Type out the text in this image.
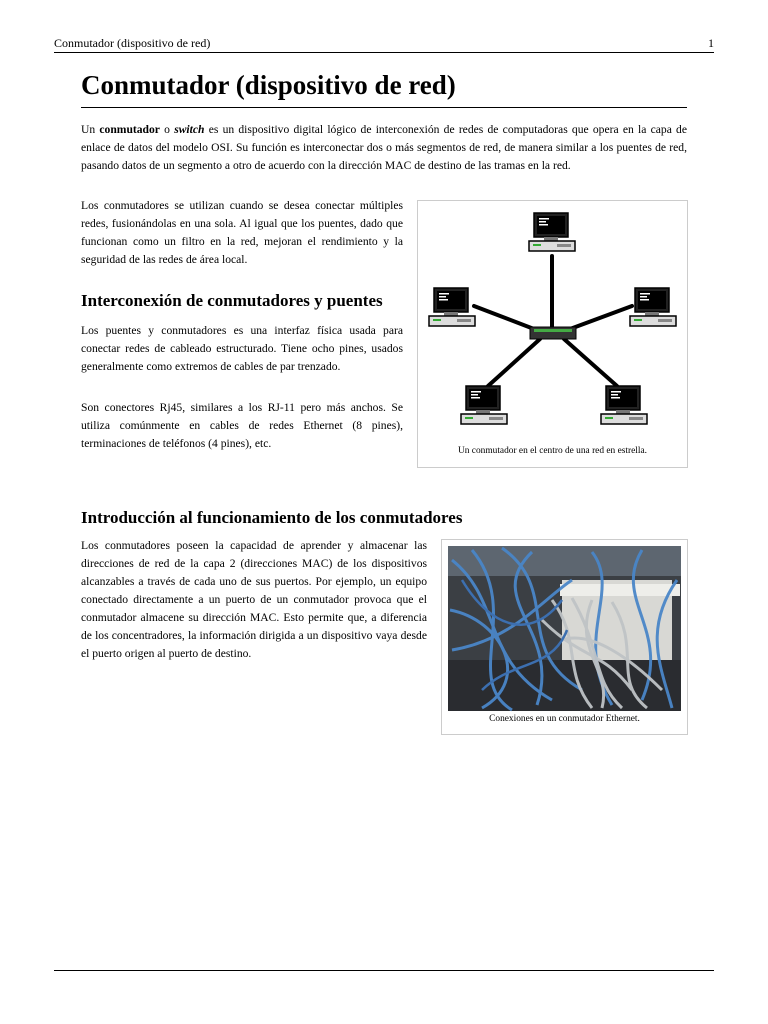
Conmutador (dispositivo de red)	1
Conmutador (dispositivo de red)

Un conmutador o switch es un dispositivo digital lógico de interconexión de redes de computadoras que opera en la capa de enlace de datos del modelo OSI. Su función es interconectar dos o más segmentos de red, de manera similar a los puentes de red, pasando datos de un segmento a otro de acuerdo con la dirección MAC de destino de las tramas en la red.

Los conmutadores se utilizan cuando se desea conectar múltiples redes, fusionándolas en una sola. Al igual que los puentes, dado que funcionan como un filtro en la red, mejoran el rendimiento y la seguridad de las redes de área local.

Interconexión de conmutadores y puentes

Los puentes y conmutadores es una interfaz física usada para conectar redes de cableado estructurado. Tiene ocho pines, usados generalmente como extremos de cables de par trenzado.

Son conectores Rj45, similares a los RJ-11 pero más anchos. Se utiliza comúnmente en cables de redes Ethernet (8 pines), terminaciones de teléfonos (4 pines), etc.

Un conmutador en el centro de una red en estrella.
Introducción al funcionamiento de los conmutadores

Los conmutadores poseen la capacidad de aprender y almacenar las direcciones de red de la capa 2 (direcciones MAC) de los dispositivos alcanzables a través de cada uno de sus puertos. Por ejemplo, un equipo conectado directamente a un puerto de un conmutador provoca que el conmutador almacene su dirección MAC. Esto permite que, a diferencia de los concentradores, la información dirigida a un dispositivo vaya desde el puerto origen al puerto de destino.

Conexiones en un conmutador Ethernet.
